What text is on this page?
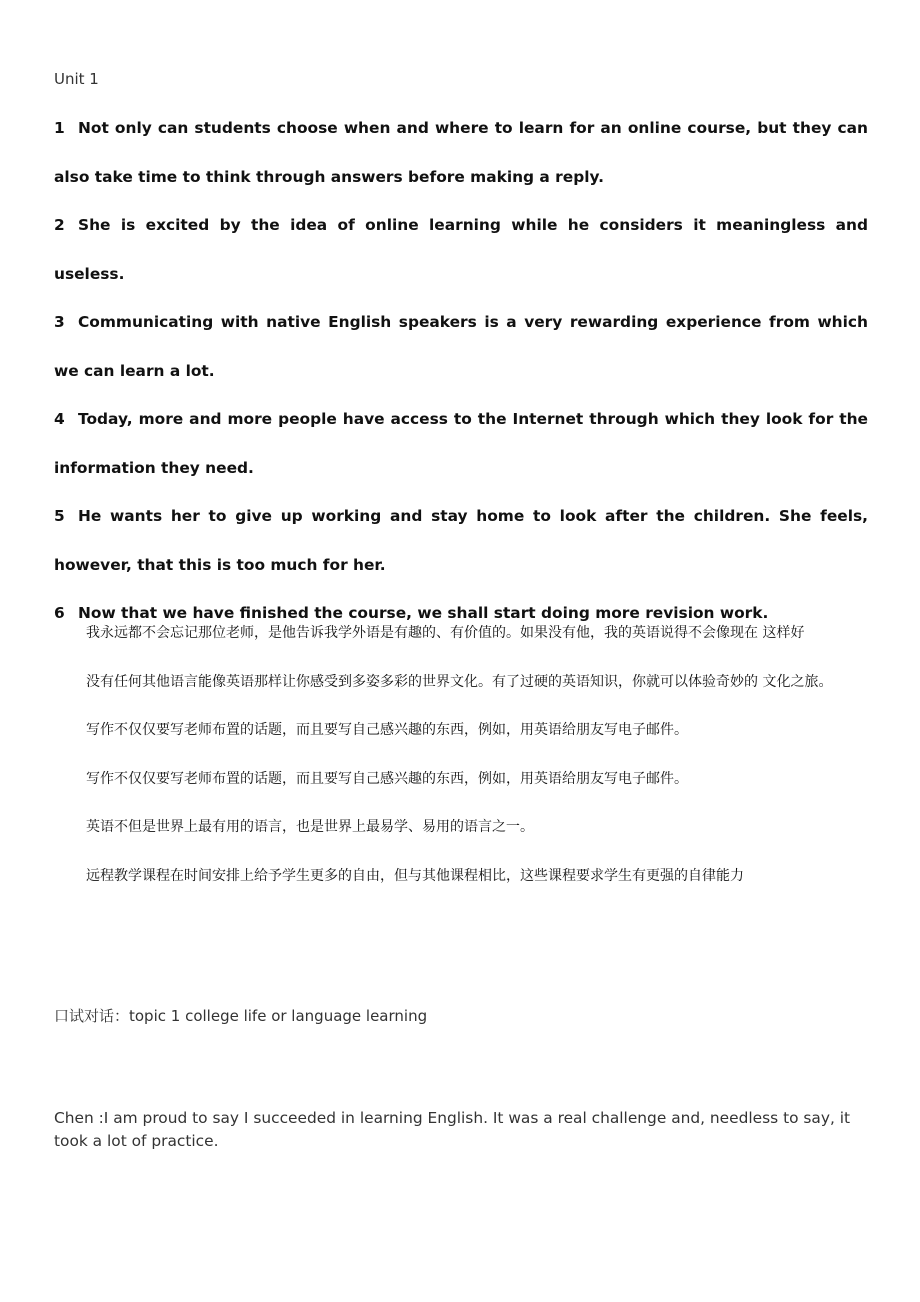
Unit 1
1 Not only can students choose when and where to learn for an online course, but they can also take time to think through answers before making a reply.
2 She is excited by the idea of online learning while he considers it meaningless and useless.
3 Communicating with native English speakers is a very rewarding experience from which we can learn a lot.
4 Today, more and more people have access to the Internet through which they look for the information they need.
5 He wants her to give up working and stay home to look after the children. She feels, however, that this is too much for her.
6 Now that we have finished the course, we shall start doing more revision work.

我永远都不会忘记那位老师，是他告诉我学外语是有趣的、有价值的。如果没有他，我的英语说得不会像现在 这样好

没有任何其他语言能像英语那样让你感受到多姿多彩的世界文化。有了过硬的英语知识，你就可以体验奇妙的 文化之旅。

写作不仅仅要写老师布置的话题，而且要写自己感兴趣的东西，例如，用英语给朋友写电子邮件。

写作不仅仅要写老师布置的话题，而且要写自己感兴趣的东西，例如，用英语给朋友写电子邮件。

英语不但是世界上最有用的语言，也是世界上最易学、易用的语言之一。

远程教学课程在时间安排上给予学生更多的自由，但与其他课程相比，这些课程要求学生有更强的自律能力

口试对话：topic 1 college life or language learning
Chen :I am proud to say I succeeded in learning English. It was a real challenge and, needless to say, it took a lot of practice.
